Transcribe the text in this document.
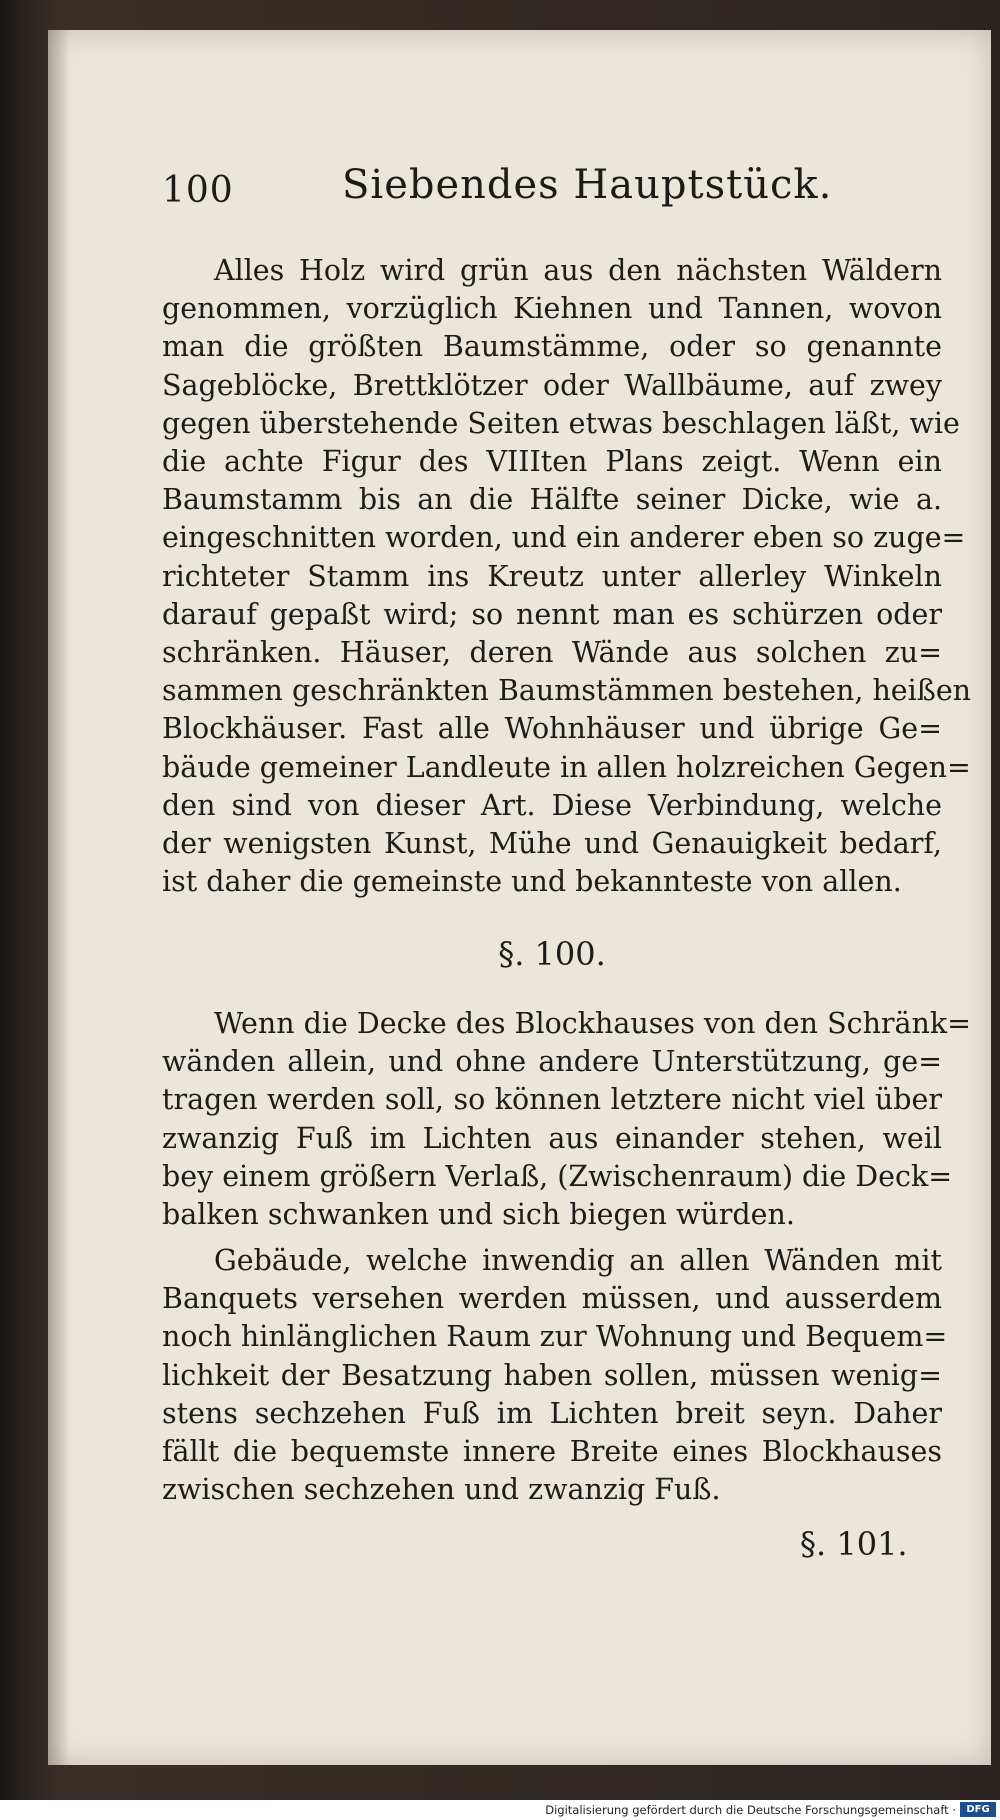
100	Siebendes Hauptstück.
Alles Holz wird grün aus den nächsten Wäldern
genommen, vorzüglich Kiehnen und Tannen, wovon
man die größten Baumstämme, oder so genannte
Sageblöcke, Brettklötzer oder Wallbäume, auf zwey
gegen überstehende Seiten etwas beschlagen läßt, wie
die achte Figur des VIIIten Plans zeigt. Wenn ein
Baumstamm bis an die Hälfte seiner Dicke, wie a.
eingeschnitten worden, und ein anderer eben so zuge=
richteter Stamm ins Kreutz unter allerley Winkeln
darauf gepaßt wird; so nennt man es schürzen oder
schränken. Häuser, deren Wände aus solchen zu=
sammen geschränkten Baumstämmen bestehen, heißen
Blockhäuser. Fast alle Wohnhäuser und übrige Ge=
bäude gemeiner Landleute in allen holzreichen Gegen=
den sind von dieser Art. Diese Verbindung, welche
der wenigsten Kunst, Mühe und Genauigkeit bedarf,
ist daher die gemeinste und bekannteste von allen.
§. 100.
Wenn die Decke des Blockhauses von den Schränk=
wänden allein, und ohne andere Unterstützung, ge=
tragen werden soll, so können letztere nicht viel über
zwanzig Fuß im Lichten aus einander stehen, weil
bey einem größern Verlaß, (Zwischenraum) die Deck=
balken schwanken und sich biegen würden.
Gebäude, welche inwendig an allen Wänden mit
Banquets versehen werden müssen, und ausserdem
noch hinlänglichen Raum zur Wohnung und Bequem=
lichkeit der Besatzung haben sollen, müssen wenig=
stens sechzehen Fuß im Lichten breit seyn. Daher
fällt die bequemste innere Breite eines Blockhauses
zwischen sechzehen und zwanzig Fuß.
§. 101.
Digitalisierung gefördert durch die Deutsche Forschungsgemeinschaft ·	DFG
